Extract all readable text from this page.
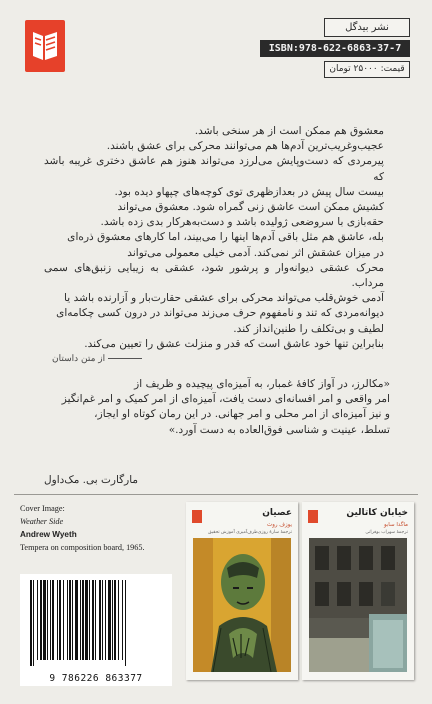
نشر بیدگل
ISBN:978-622-6863-37-7
قیمت: ۲۵۰۰۰ تومان

معشوق هم ممکن است از هر سنخی باشد.

عجیب‌وغریب‌ترین آدم‌ها هم می‌توانند محرکی برای عشق باشند.

پیرمردی که دست‌وپایش می‌لرزد می‌تواند هنوز هم عاشق دختری غریبه باشد که

بیست سال پیش در بعدازظهری توی کوچه‌های چپهاو دیده بود.

کشیش ممکن است عاشق زنی گمراه شود. معشوق می‌تواند

حقه‌بازی با سروضعی ژولیده باشد و دست‌به‌هرکار بدی زده باشد.

بله، عاشق هم مثل باقی آدم‌ها اینها را می‌بیند، اما کارهای معشوق ذره‌ای

در میزان عشقش اثر نمی‌کند. آدمی خیلی معمولی می‌تواند

محرک عشقی دیوانه‌وار و پرشور شود، عشقی به زیبایی زنبق‌های سمی مرداب.

آدمی خوش‌قلب می‌تواند محرکی برای عشقی حقارت‌بار و آزارنده باشد یا

دیوانه‌مردی که تند و نامفهوم حرف می‌زند می‌تواند در درون کسی چکامه‌ای

لطیف و بی‌تکلف را طنین‌انداز کند.

بنابراین تنها خود عاشق است که قدر و منزلت عشق را تعیین می‌کند.

از متن داستان

«مکالرز، در آواز کافهٔ غمبار، به آمیزه‌ای پیچیده و ظریف از

امر واقعی و امر افسانه‌ای دست یافت، آمیزه‌ای از امر کمیک و امر غم‌انگیز

و نیز آمیزه‌ای از امر محلی و امر جهانی. در این رمان کوتاه او ایجاز،

تسلط، عینیت و شناسی فوق‌العاده به دست آورد.»

مارگارت بی. مک‌داول
Cover Image:
Weather Side
Andrew Wyeth
Tempera on composition board, 1965.
9 786226 863377
عصیان
یوزف روت
ترجمهٔ ساره‌ٔ روزی‌طرف‌آمیزی آموزش تحقیق
خیابان کاتالین
ماگدا سابو
ترجمهٔ سهراب بوفراتی
